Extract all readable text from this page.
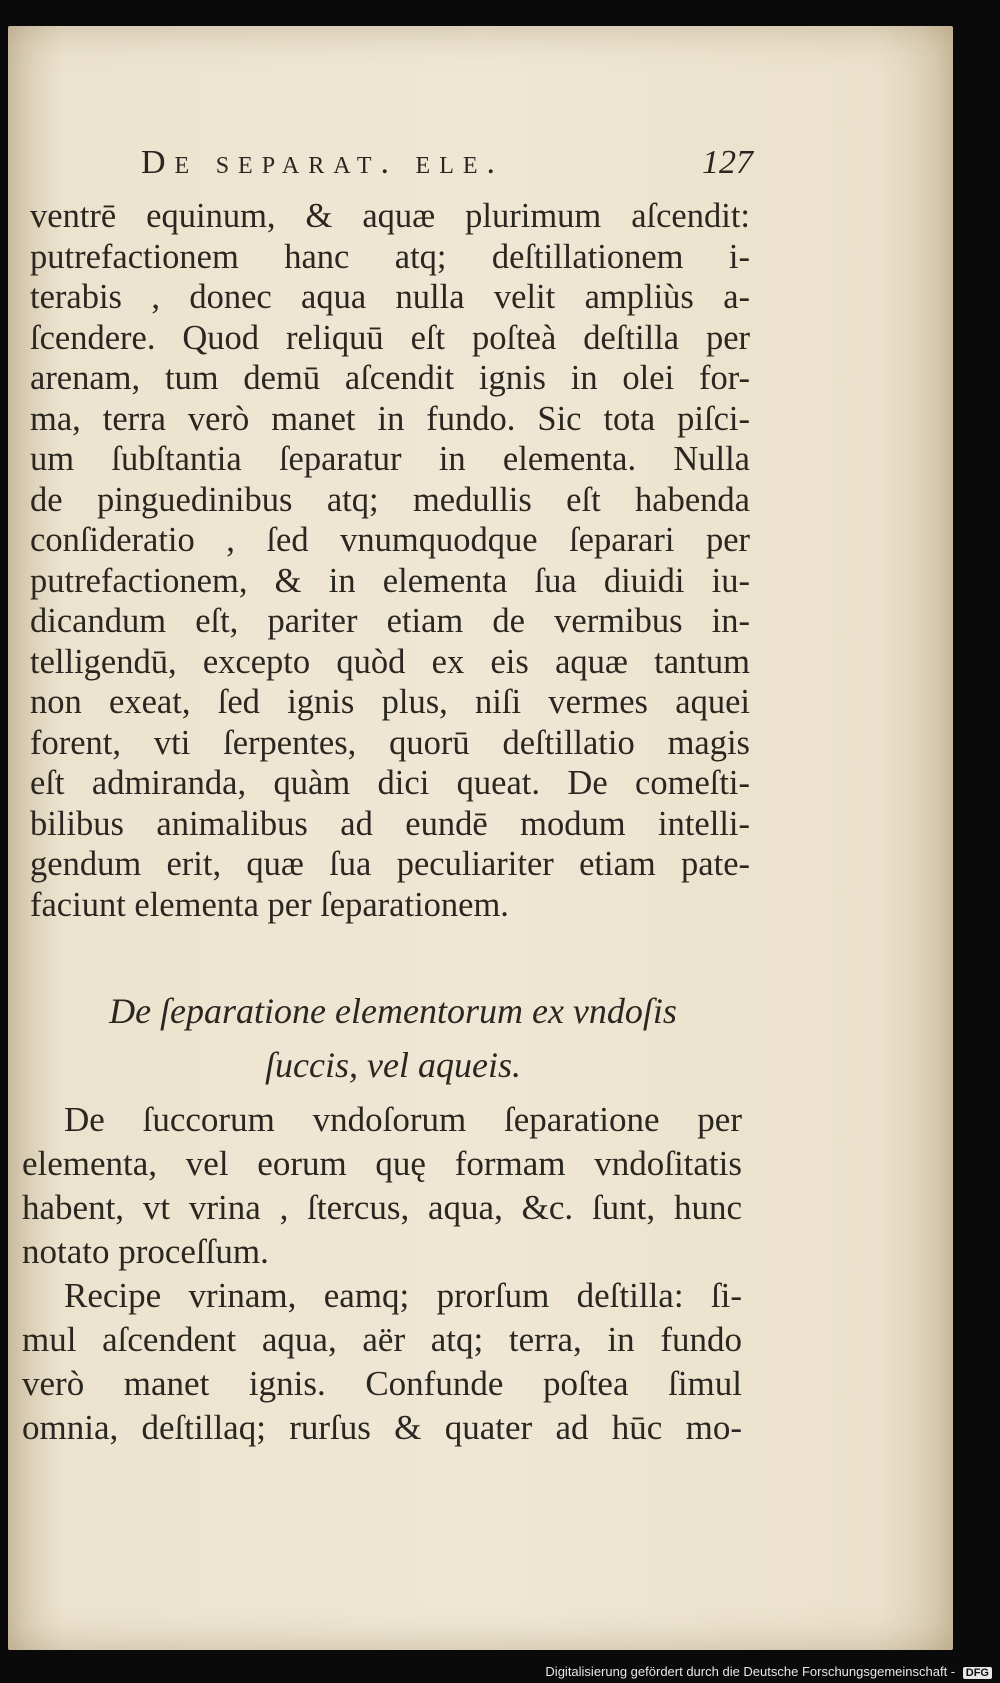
De separat. ele.	127
ventrē equinum, & aquæ plurimum aſcendit:
putrefactionem hanc atq; deſtillationem i-
terabis , donec aqua nulla velit ampliùs a-
ſcendere. Quod reliquū eſt poſteà deſtilla per
arenam, tum demū aſcendit ignis in olei for-
ma, terra verò manet in fundo. Sic tota piſci-
um ſubſtantia ſeparatur in elementa. Nulla
de pinguedinibus atq; medullis eſt habenda
conſideratio , ſed vnumquodque ſeparari per
putrefactionem, & in elementa ſua diuidi iu-
dicandum eſt, pariter etiam de vermibus in-
telligendū, excepto quòd ex eis aquæ tantum
non exeat, ſed ignis plus, niſi vermes aquei
forent, vti ſerpentes, quorū deſtillatio magis
eſt admiranda, quàm dici queat. De comeſti-
bilibus animalibus ad eundē modum intelli-
gendum erit, quæ ſua peculiariter etiam pate-
faciunt elementa per ſeparationem.
De ſeparatione elementorum ex vndoſis
ſuccis, vel aqueis.
De ſuccorum vndoſorum ſeparatione per
elementa, vel eorum quę formam vndoſitatis
habent, vt vrina , ſtercus, aqua, &c. ſunt, hunc
notato proceſſum.
Recipe vrinam, eamq; prorſum deſtilla: ſi-
mul aſcendent aqua, aër atq; terra, in fundo
verò manet ignis. Confunde poſtea ſimul
omnia, deſtillaq; rurſus & quater ad hūc mo-
Digitalisierung gefördert durch die Deutsche Forschungsgemeinschaft - DFG
